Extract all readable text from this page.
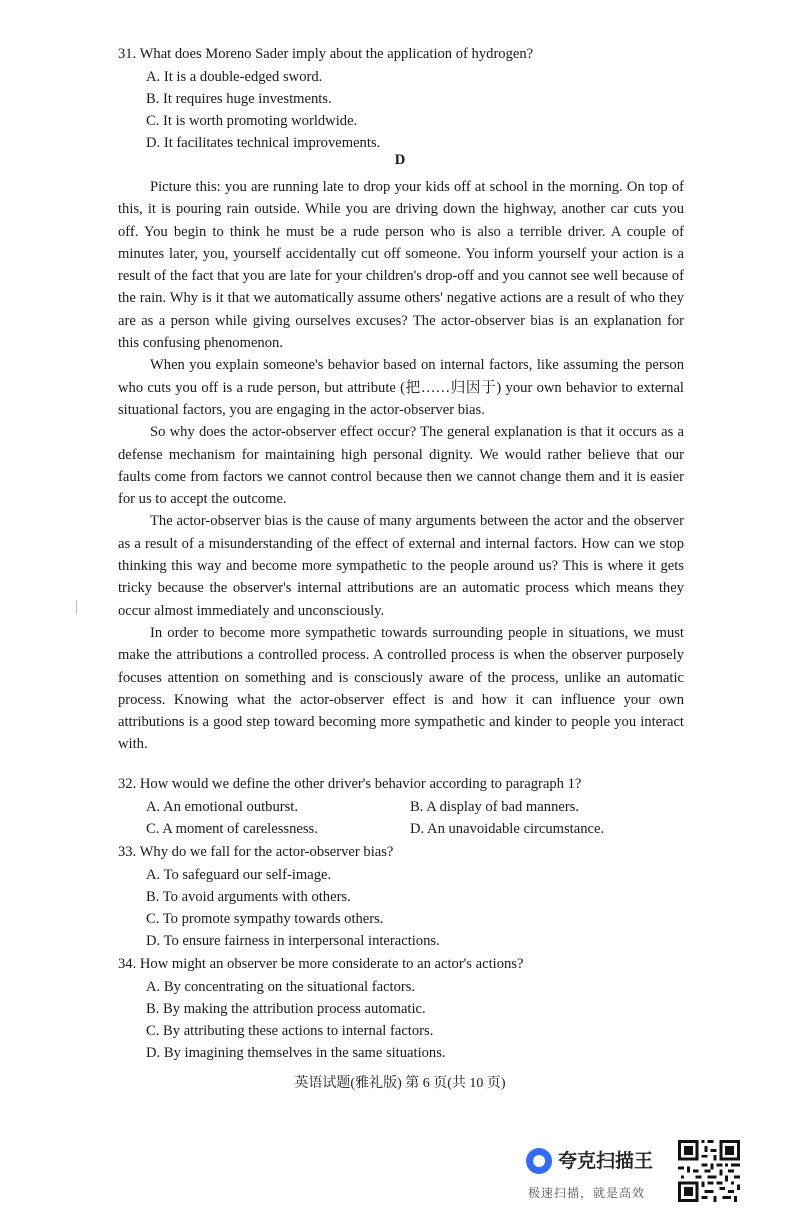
31. What does Moreno Sader imply about the application of hydrogen?
A. It is a double-edged sword.
B. It requires huge investments.
C. It is worth promoting worldwide.
D. It facilitates technical improvements.
D

Picture this: you are running late to drop your kids off at school in the morning. On top of this, it is pouring rain outside. While you are driving down the highway, another car cuts you off. You begin to think he must be a rude person who is also a terrible driver. A couple of minutes later, you, yourself accidentally cut off someone. You inform yourself your action is a result of the fact that you are late for your children's drop-off and you cannot see well because of the rain. Why is it that we automatically assume others' negative actions are a result of who they are as a person while giving ourselves excuses? The actor-observer bias is an explanation for this confusing phenomenon.

When you explain someone's behavior based on internal factors, like assuming the person who cuts you off is a rude person, but attribute (把……归因于) your own behavior to external situational factors, you are engaging in the actor-observer bias.

So why does the actor-observer effect occur? The general explanation is that it occurs as a defense mechanism for maintaining high personal dignity. We would rather believe that our faults come from factors we cannot control because then we cannot change them and it is easier for us to accept the outcome.

The actor-observer bias is the cause of many arguments between the actor and the observer as a result of a misunderstanding of the effect of external and internal factors. How can we stop thinking this way and become more sympathetic to the people around us? This is where it gets tricky because the observer's internal attributions are an automatic process which means they occur almost immediately and unconsciously.

In order to become more sympathetic towards surrounding people in situations, we must make the attributions a controlled process. A controlled process is when the observer purposely focuses attention on something and is consciously aware of the process, unlike an automatic process. Knowing what the actor-observer effect is and how it can influence your own attributions is a good step toward becoming more sympathetic and kinder to people you interact with.

32. How would we define the other driver's behavior according to paragraph 1?
A. An emotional outburst.	B. A display of bad manners.
C. A moment of carelessness.	D. An unavoidable circumstance.
33. Why do we fall for the actor-observer bias?
A. To safeguard our self-image.
B. To avoid arguments with others.
C. To promote sympathy towards others.
D. To ensure fairness in interpersonal interactions.
34. How might an observer be more considerate to an actor's actions?
A. By concentrating on the situational factors.
B. By making the attribution process automatic.
C. By attributing these actions to internal factors.
D. By imagining themselves in the same situations.
英语试题(雅礼版) 第 6 页(共 10 页)
夸克扫描王
极速扫描，就是高效
